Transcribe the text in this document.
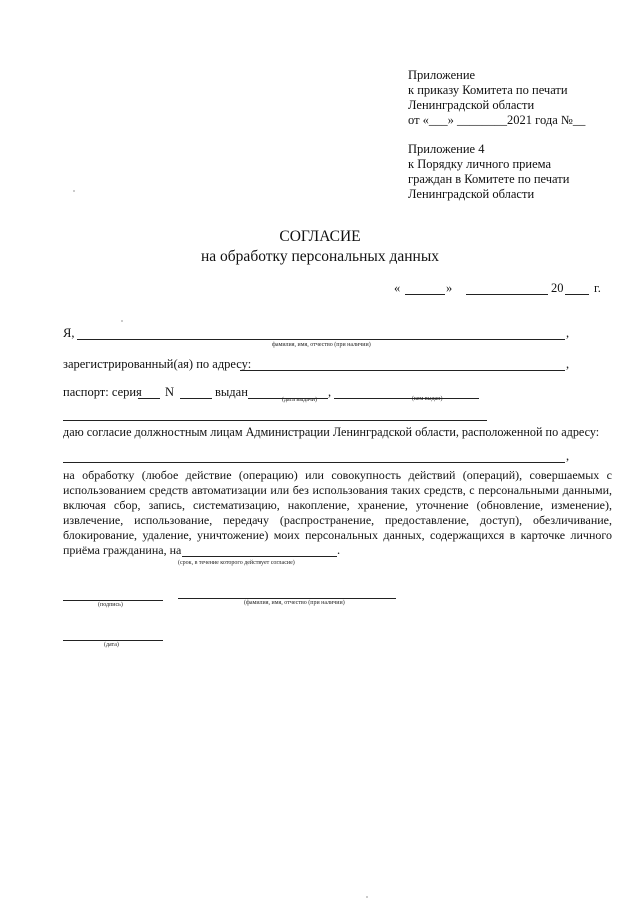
Приложение
к приказу Комитета по печати
Ленинградской области
от «___» ________2021 года №__
Приложение 4
к Порядку личного приема
граждан в Комитете по печати
Ленинградской области
СОГЛАСИЕ
на обработку персональных данных
«	»	20 г.
Я,	,
фамилия, имя, отчество (при наличии)
зарегистрированный(ая) по адресу:	,
паспорт: серия N	выдан	,
(дата выдачи)	(кем выдан)
даю согласие должностным лицам Администрации Ленинградской области, расположенной по адресу:
,
на обработку (любое действие (операцию) или совокупность действий (операций), совершаемых с использованием средств автоматизации или без использования таких средств, с персональными данными, включая сбор, запись, систематизацию, накопление, хранение, уточнение (обновление, изменение), извлечение, использование, передачу (распространение, предоставление, доступ), обезличивание, блокирование, удаление, уничтожение) моих персональных данных, содержащихся в карточке личного приёма гражданина, на	.
(срок, в течение которого действует согласие)
(подпись)	(фамилия, имя, отчество (при наличии)
(дата)
